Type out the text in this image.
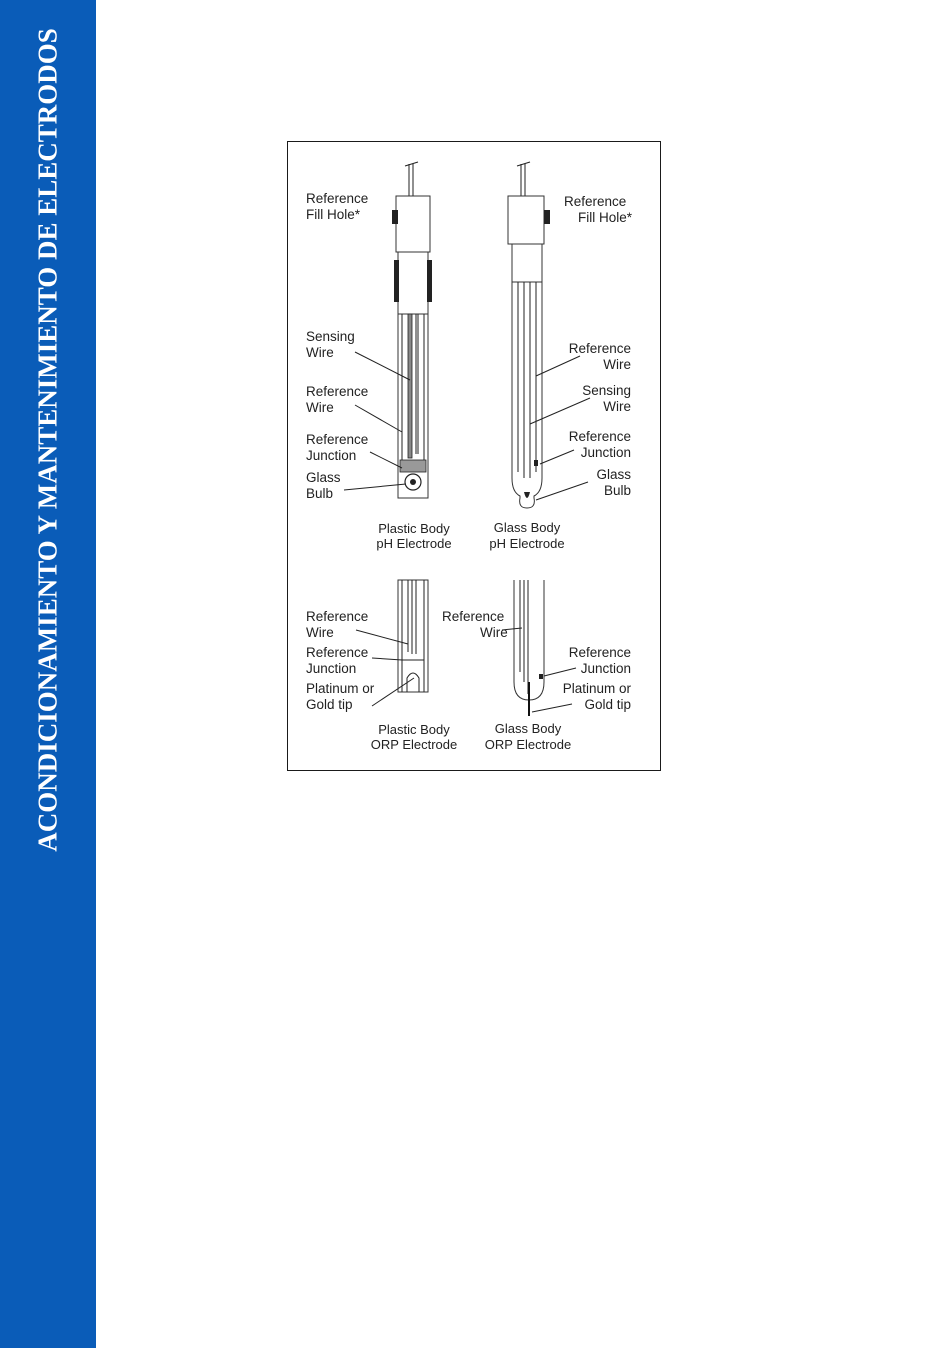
ACONDICIONAMIENTO Y MANTENIMIENTO DE ELECTRODOS	Reference
Fill Hole*
Sensing
Wire
Reference
Wire
Reference
Junction
Glass
Bulb
Plastic Body
pH Electrode
Reference
Fill Hole*
Reference
Wire
Sensing
Wire
Reference
Junction
Glass
Bulb
Glass Body
pH Electrode
Reference
Wire
Reference
Junction
Platinum or
Gold tip
Plastic Body
ORP Electrode
Reference
Wire
Reference
Junction
Platinum or
Gold tip
Glass Body
ORP Electrode
